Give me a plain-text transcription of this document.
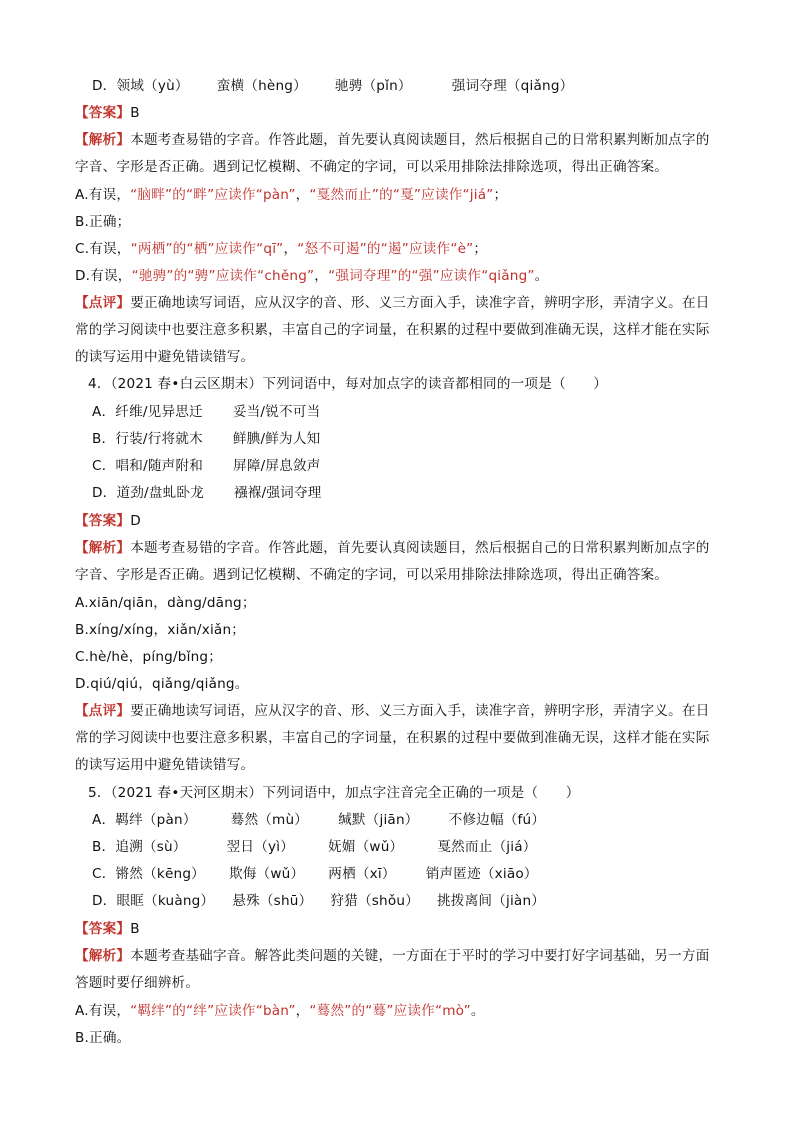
D．领域（yù） 蛮横（hèng） 驰骋（pǐn）	强词夺理（qiǎng）
【答案】B
【解析】本题考查易错的字音。作答此题，首先要认真阅读题目，然后根据自己的日常积累判断加点字的
字音、字形是否正确。遇到记忆模糊、不确定的字词，可以采用排除法排除选项，得出正确答案。
A.有误，“脑畔”的“畔”应读作“pàn”，“戛然而止”的“戛”应读作“jiá”；
B.正确；
C.有误，“两栖”的“栖”应读作“qī”，“怒不可遏”的“遏”应读作“è”；
D.有误，“驰骋”的“骋”应读作“chěng”，“强词夺理”的“强”应读作“qiǎng”。
【点评】要正确地读写词语，应从汉字的音、形、义三方面入手，读准字音，辨明字形，弄清字义。在日
常的学习阅读中也要注意多积累，丰富自己的字词量，在积累的过程中要做到准确无误，这样才能在实际
的读写运用中避免错读错写。
4．（2021 春•白云区期末）下列词语中，每对加点字的读音都相同的一项是（　　）
A．纤维/见异思迁 妥当/锐不可当
B．行装/行将就木 鲜腆/鲜为人知
C．唱和/随声附和 屏障/屏息敛声
D．道劲/盘虬卧龙 襁褓/强词夺理
【答案】D
【解析】本题考查易错的字音。作答此题，首先要认真阅读题目，然后根据自己的日常积累判断加点字的
字音、字形是否正确。遇到记忆模糊、不确定的字词，可以采用排除法排除选项，得出正确答案。
A.xiān/qiān，dàng/dāng；
B.xíng/xíng，xiǎn/xiǎn；
C.hè/hè，píng/bǐng；
D.qiú/qiú，qiǎng/qiǎng。
【点评】要正确地读写词语，应从汉字的音、形、义三方面入手，读准字音，辨明字形，弄清字义。在日
常的学习阅读中也要注意多积累，丰富自己的字词量，在积累的过程中要做到准确无误，这样才能在实际
的读写运用中避免错读错写。
5．（2021 春•天河区期末）下列词语中，加点字注音完全正确的一项是（　　）
A．羁绊（pàn）	蓦然（mù） 缄默（jiān） 不修边幅（fú）
B．追溯（sù）	翌日（yì）	妩媚（wǔ）	戛然而止（jiá）
C．锵然（kēng） 欺侮（wǔ） 两栖（xī） 销声匿迹（xiāo）
D．眼眶（kuàng） 悬殊（shū） 狩猎（shǒu） 挑拨离间（jiàn）
【答案】B
【解析】本题考查基础字音。解答此类问题的关键，一方面在于平时的学习中要打好字词基础，另一方面
答题时要仔细辨析。
A.有误，“羁绊”的“绊”应读作“bàn”，“蓦然”的“蓦”应读作“mò”。
B.正确。
